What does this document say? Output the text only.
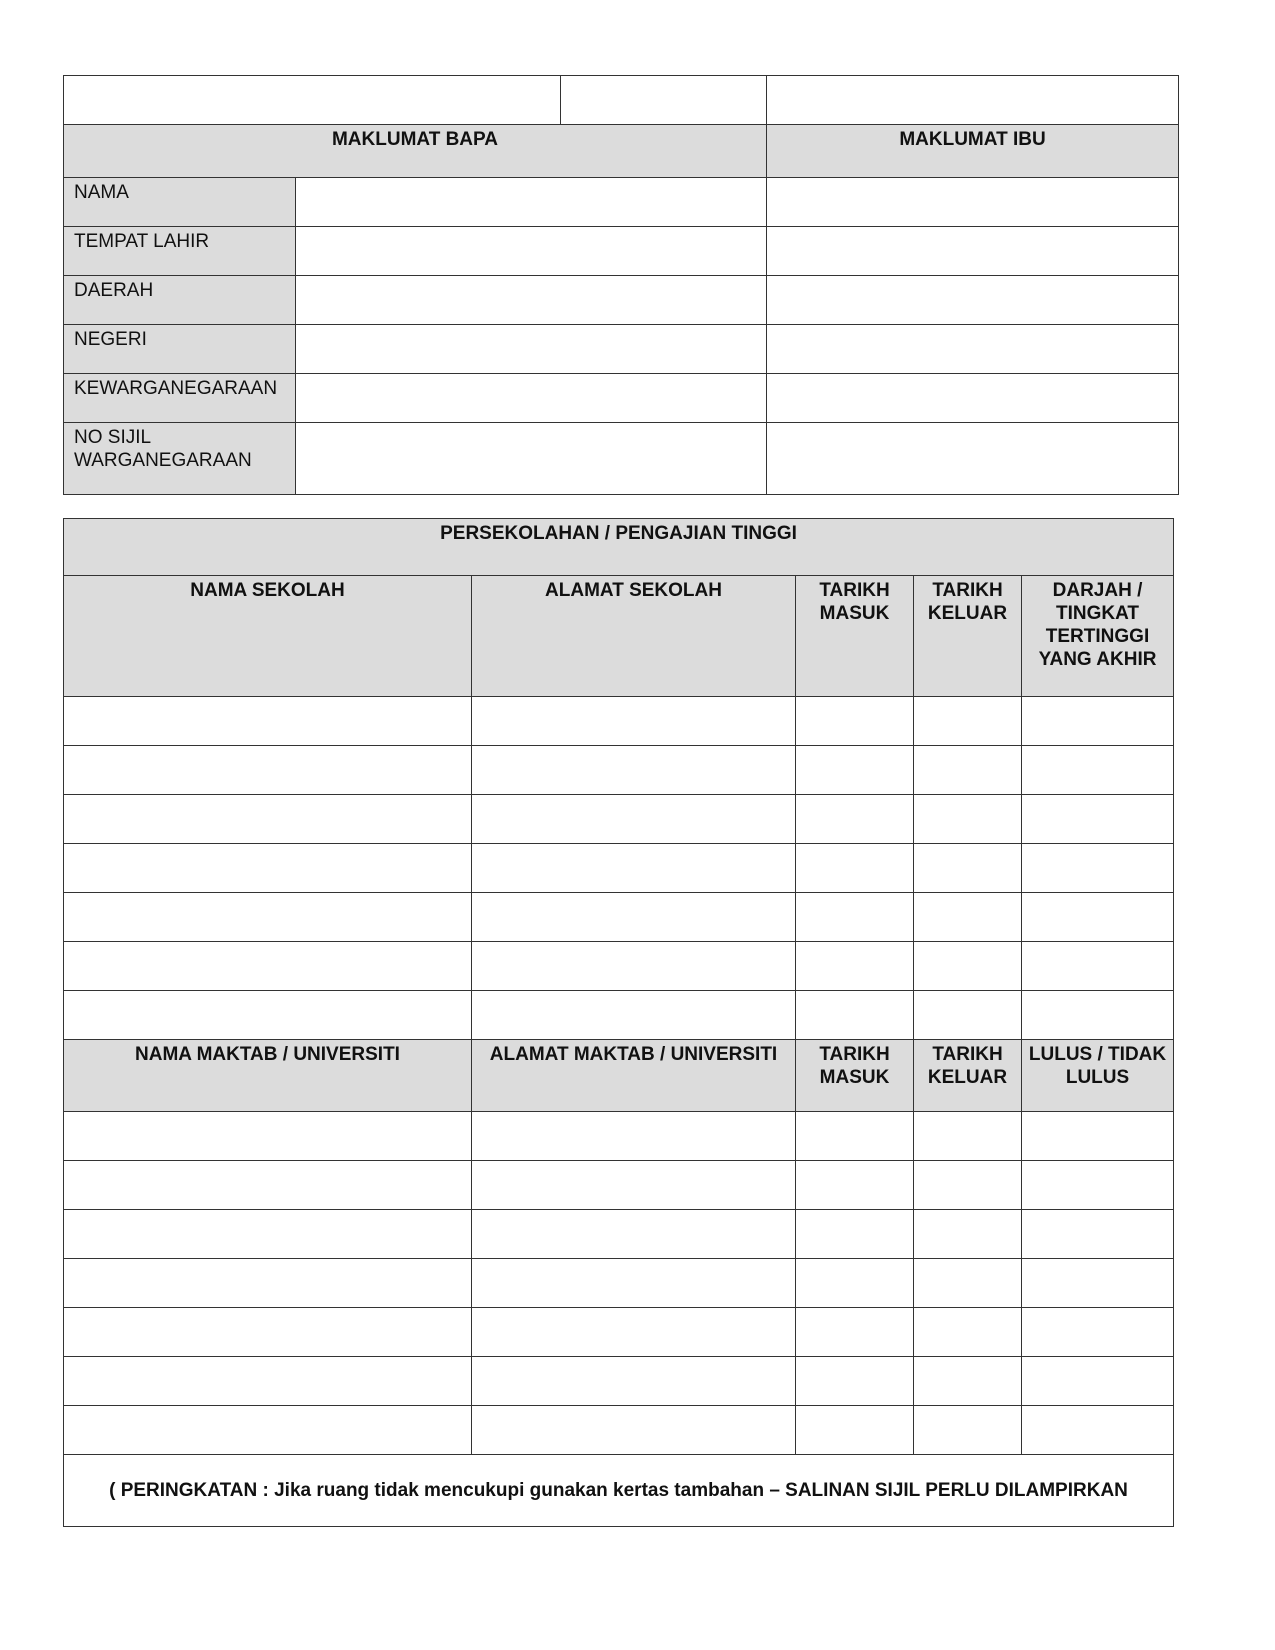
MAKLUMAT BAPA			MAKLUMAT IBU
NAMA			
TEMPAT LAHIR			
DAERAH			
NEGERI			
KEWARGANEGARAAN			
NO SIJIL WARGANEGARAAN			
PERSEKOLAHAN / PENGAJIAN TINGGI				
NAMA SEKOLAH	ALAMAT SEKOLAH	TARIKH MASUK	TARIKH KELUAR	DARJAH / TINGKAT TERTINGGI YANG AKHIR

NAMA MAKTAB / UNIVERSITI	ALAMAT MAKTAB / UNIVERSITI	TARIKH MASUK	TARIKH KELUAR	LULUS / TIDAK LULUS

( PERINGKATAN : Jika ruang tidak mencukupi gunakan kertas tambahan – SALINAN SIJIL PERLU DILAMPIRKAN				
